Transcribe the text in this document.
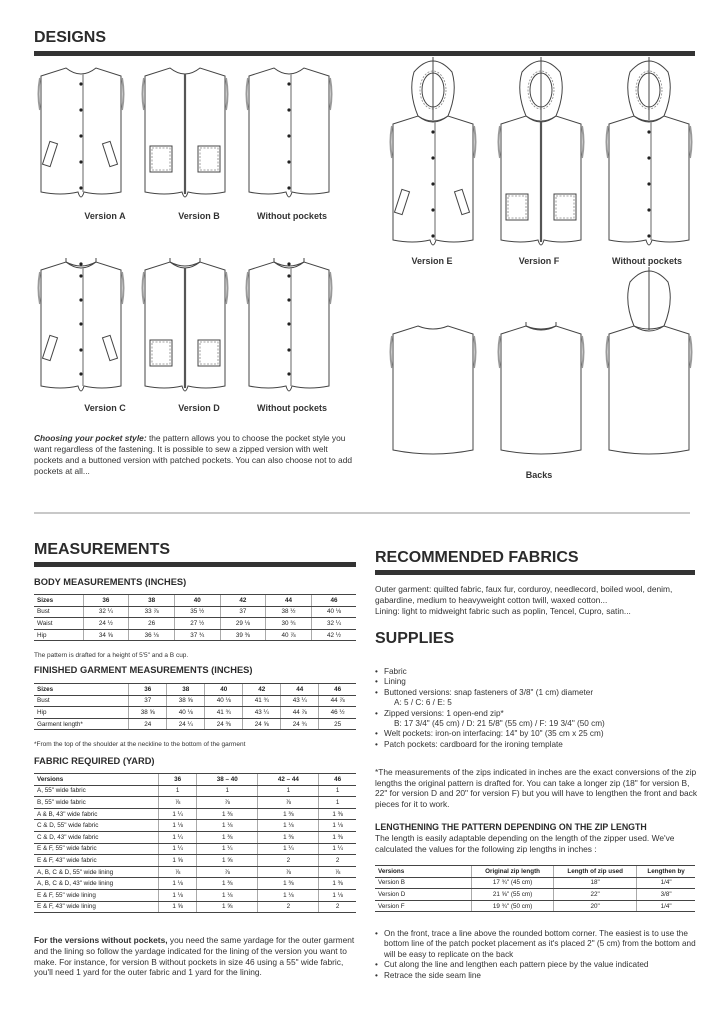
DESIGNS
Version A	Version B	Without pockets
Version C	Version D	Without pockets
Version E	Version F	Without pockets
Backs
Choosing your pocket style: the pattern allows you to choose the pocket style you want regardless of the fastening. It is possible to sew a zipped version with welt pockets and a buttoned version with patched pockets. You can also choose not to add pockets at all...
MEASUREMENTS
BODY MEASUREMENTS (INCHES)
Sizes	36	38	40	42	44	46
Bust	32 ¼	33 ⅞	35 ½	37	38 ½	40 ⅛
Waist	24 ½	26	27 ½	29 ⅛	30 ¾	32 ¼
Hip	34 ⅝	36 ⅛	37 ¾	39 ⅜	40 ⅞	42 ½
The pattern is drafted for a height of 5'5" and a B cup.
FINISHED GARMENT MEASUREMENTS (INCHES)
Sizes	36	38	40	42	44	46
Bust	37	38 ⅝	40 ⅛	41 ¾	43 ¼	44 ⅞
Hip	38 ⅝	40 ⅛	41 ¾	43 ¼	44 ⅞	46 ½
Garment length*	24	24 ¼	24 ⅜	24 ⅝	24 ¾	25
*From the top of the shoulder at the neckline to the bottom of the garment
FABRIC REQUIRED (YARD)
Versions	36	38 – 40	42 – 44	46
A, 55" wide fabric	1	1	1	1
B, 55" wide fabric	⅞	⅞	⅞	1
A & B, 43" wide fabric	1 ¼	1 ⅜	1 ⅜	1 ⅜
C & D, 55" wide fabric	1 ⅛	1 ⅛	1 ⅛	1 ⅛
C & D, 43" wide fabric	1 ¼	1 ⅜	1 ⅜	1 ⅜
E & F, 55" wide fabric	1 ¼	1 ¼	1 ¼	1 ¼
E & F, 43" wide fabric	1 ⅝	1 ⅝	2	2
A, B, C & D, 55" wide lining	⅞	⅞	⅞	⅞
A, B, C & D, 43" wide lining	1 ⅛	1 ⅜	1 ⅜	1 ⅜
E & F, 55" wide lining	1 ⅛	1 ⅛	1 ⅛	1 ⅛
E & F, 43" wide lining	1 ⅝	1 ⅝	2	2
For the versions without pockets, you need the same yardage for the outer garment and the lining so follow the yardage indicated for the lining of the version you want to make. For instance, for version B without pockets in size 46 using a 55" wide fabric, you'll need 1 yard for the outer fabric and 1 yard for the lining.
RECOMMENDED FABRICS
Outer garment: quilted fabric, faux fur, corduroy, needlecord, boiled wool, denim, gabardine, medium to heavyweight cotton twill, waxed cotton...
Lining: light to midweight fabric such as poplin, Tencel, Cupro, satin...
SUPPLIES
• Fabric
• Lining
• Buttoned versions: snap fasteners of 3/8" (1 cm) diameter
A: 5 / C: 6 / E: 5
• Zipped versions: 1 open-end zip*
B: 17 3/4" (45 cm) / D: 21 5/8" (55 cm) / F: 19 3/4" (50 cm)
• Welt pockets: iron-on interfacing: 14" by 10" (35 cm x 25 cm)
• Patch pockets: cardboard for the ironing template
*The measurements of the zips indicated in inches are the exact conversions of the zip lengths the original pattern is drafted for. You can take a longer zip (18" for version B, 22" for version D and 20" for version F) but you will have to lengthen the front and back pieces for it to work.
LENGTHENING THE PATTERN DEPENDING ON THE ZIP LENGTH
The length is easily adaptable depending on the length of the zipper used. We've calculated the values for the following zip lengths in inches :
Versions	Original zip length	Length of zip used	Lengthen by
Version B	17 ¾" (45 cm)	18"	1/4"
Version D	21 ⅝" (55 cm)	22"	3/8"
Version F	19 ¾" (50 cm)	20"	1/4"
• On the front, trace a line above the rounded bottom corner. The easiest is to use the bottom line of the patch pocket placement as it's placed 2" (5 cm) from the bottom and will be easy to replicate on the back
• Cut along the line and lengthen each pattern piece by the value indicated
• Retrace the side seam line
